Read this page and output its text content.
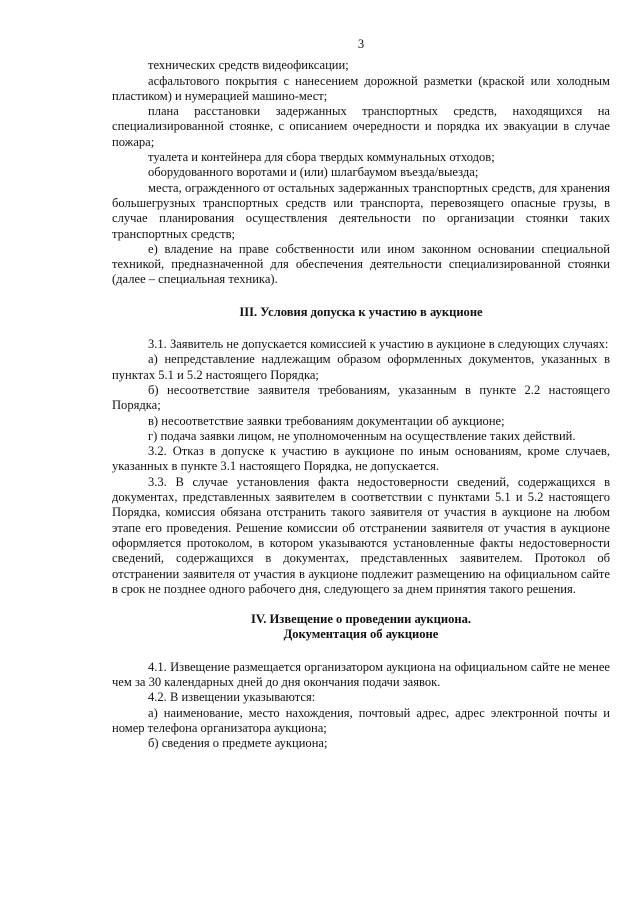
3

технических средств видеофиксации;

асфальтового покрытия с нанесением дорожной разметки (краской или холодным пластиком) и нумерацией машино-мест;

плана расстановки задержанных транспортных средств, находящихся на специализированной стоянке, с описанием очередности и порядка их эвакуации в случае пожара;

туалета и контейнера для сбора твердых коммунальных отходов;

оборудованного воротами и (или) шлагбаумом въезда/выезда;

места, огражденного от остальных задержанных транспортных средств, для хранения большегрузных транспортных средств или транспорта, перевозящего опасные грузы, в случае планирования осуществления деятельности по организации стоянки таких транспортных средств;

е) владение на праве собственности или ином законном основании специальной техникой, предназначенной для обеспечения деятельности специализированной стоянки (далее – специальная техника).

III. Условия допуска к участию в аукционе

3.1. Заявитель не допускается комиссией к участию в аукционе в следующих случаях:

а) непредставление надлежащим образом оформленных документов, указанных в пунктах 5.1 и 5.2 настоящего Порядка;

б) несоответствие заявителя требованиям, указанным в пункте 2.2 настоящего Порядка;

в) несоответствие заявки требованиям документации об аукционе;

г) подача заявки лицом, не уполномоченным на осуществление таких действий.

3.2. Отказ в допуске к участию в аукционе по иным основаниям, кроме случаев, указанных в пункте 3.1 настоящего Порядка, не допускается.

3.3. В случае установления факта недостоверности сведений, содержащихся в документах, представленных заявителем в соответствии с пунктами 5.1 и 5.2 настоящего Порядка, комиссия обязана отстранить такого заявителя от участия в аукционе на любом этапе его проведения. Решение комиссии об отстранении заявителя от участия в аукционе оформляется протоколом, в котором указываются установленные факты недостоверности сведений, содержащихся в документах, представленных заявителем. Протокол об отстранении заявителя от участия в аукционе подлежит размещению на официальном сайте в срок не позднее одного рабочего дня, следующего за днем принятия такого решения.

IV. Извещение о проведении аукциона.

Документация об аукционе

4.1. Извещение размещается организатором аукциона на официальном сайте не менее чем за 30 календарных дней до дня окончания подачи заявок.

4.2. В извещении указываются:

а) наименование, место нахождения, почтовый адрес, адрес электронной почты и номер телефона организатора аукциона;

б) сведения о предмете аукциона;
